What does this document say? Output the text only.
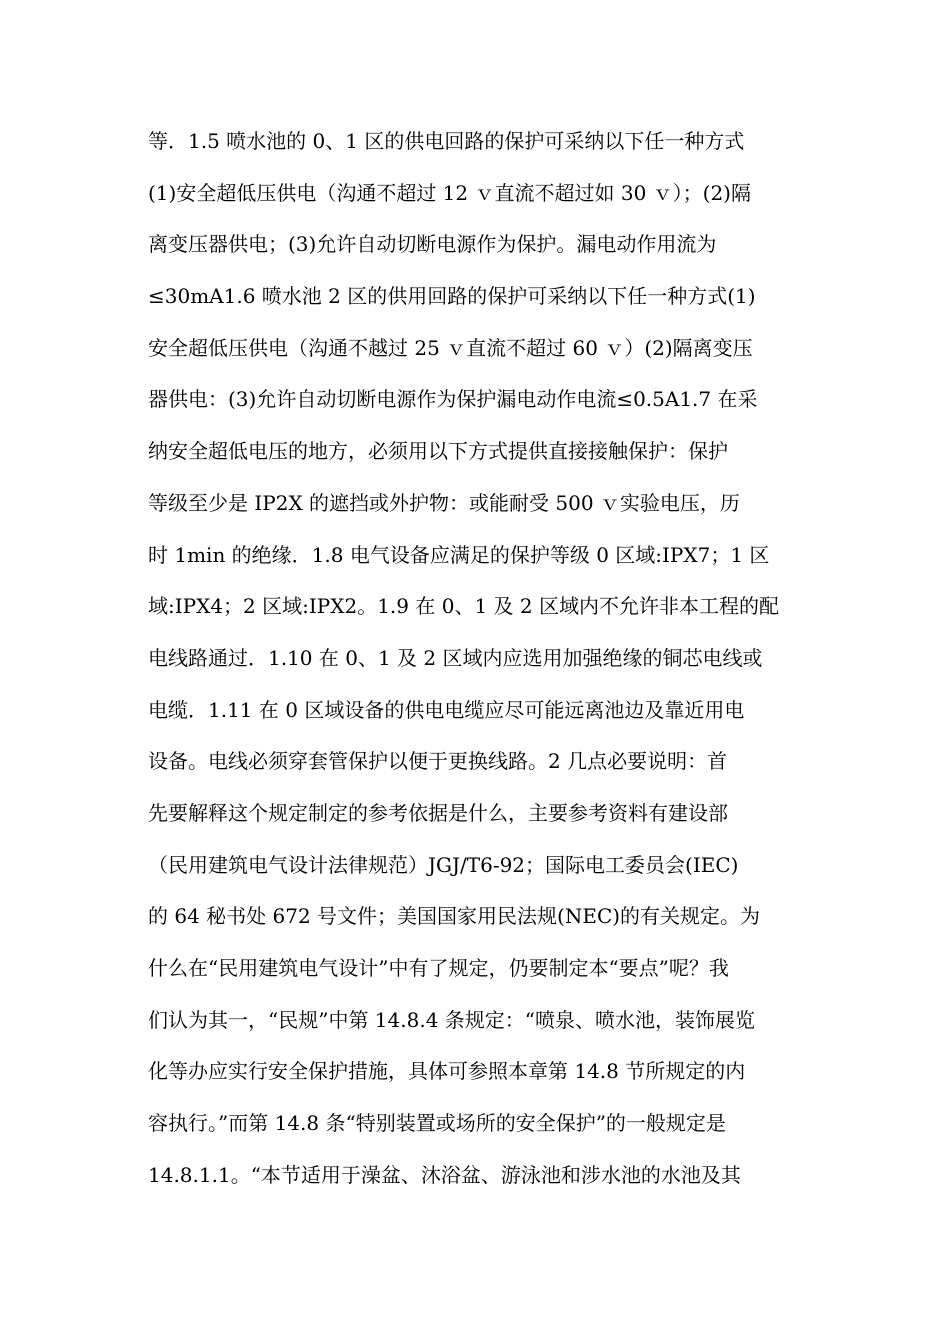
等．1.5 喷水池的 0、1 区的供电回路的保护可采纳以下任一种方式
(1)安全超低压供电（沟通不超过 12 ｖ直流不超过如 30 ｖ）；(2)隔
离变压器供电；(3)允许自动切断电源作为保护。漏电动作用流为
≤30mA1.6 喷水池 2 区的供用回路的保护可采纳以下任一种方式(1)
安全超低压供电（沟通不越过 25 ｖ直流不超过 60 ｖ）(2)隔离变压
器供电：(3)允许自动切断电源作为保护漏电动作电流≤0.5A1.7 在采
纳安全超低电压的地方，必须用以下方式提供直接接触保护：保护
等级至少是 IP2X 的遮挡或外护物：或能耐受 500 ｖ实验电压，历
时 1min 的绝缘．1.8 电气设备应满足的保护等级 0 区域:IPX7；1 区
域:IPX4；2 区域:IPX2。1.9 在 0、1 及 2 区域内不允许非本工程的配
电线路通过．1.10 在 0、1 及 2 区域内应选用加强绝缘的铜芯电线或
电缆．1.11 在 0 区域设备的供电电缆应尽可能远离池边及靠近用电
设备。电线必须穿套管保护以便于更换线路。2 几点必要说明：首
先要解释这个规定制定的参考依据是什么，主要参考资料有建设部
（民用建筑电气设计法律规范）JGJ/T6-92；国际电工委员会(IEC)
的 64 秘书处 672 号文件；美国国家用民法规(NEC)的有关规定。为
什么在“民用建筑电气设计”中有了规定，仍要制定本“要点”呢？我
们认为其一，“民规”中第 14.8.4 条规定：“喷泉、喷水池，装饰展览
化等办应实行安全保护措施，具体可参照本章第 14.8 节所规定的内
容执行。”而第 14.8 条“特别装置或场所的安全保护”的一般规定是
14.8.1.1。“本节适用于澡盆、沐浴盆、游泳池和涉水池的水池及其
